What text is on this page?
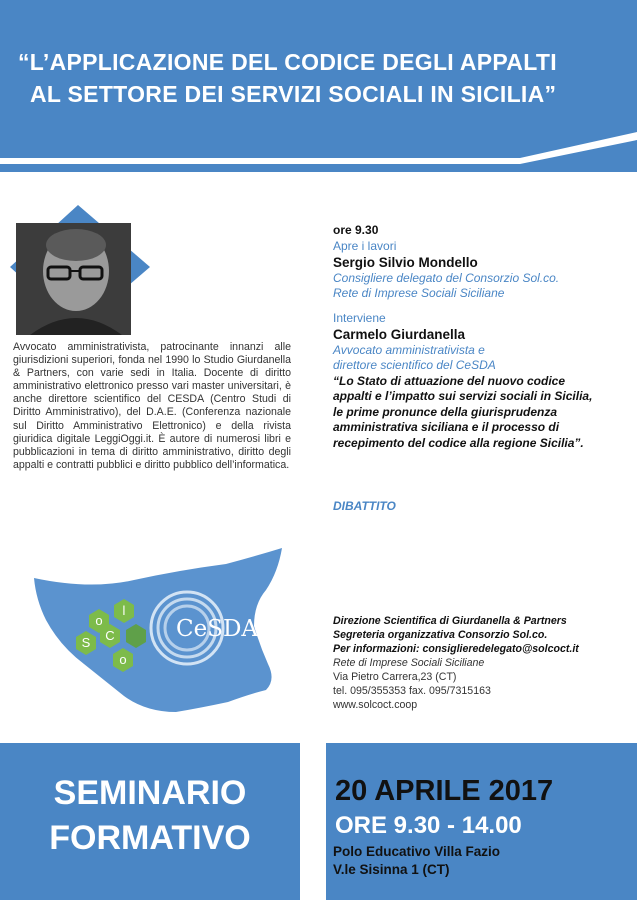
“L’APPLICAZIONE DEL CODICE DEGLI APPALTI
AL SETTORE DEI SERVIZI SOCIALI IN SICILIA”

Avvocato amministrativista, patrocinante innanzi alle giurisdizioni superiori, fonda nel 1990 lo Studio Giurdanella & Partners, con varie sedi in Italia. Docente di diritto amministrativo elettronico presso vari master universitari, è anche direttore scientifico del CESDA (Centro Studi di Diritto Amministrativo), del D.A.E. (Conferenza nazionale sul Diritto Amministrativo Elettronico) e della rivista giuridica digitale LeggiOggi.it. È autore di numerosi libri e pubblicazioni in tema di diritto amministrativo, diritto degli appalti e contratti pubblici e diritto pubblico dell’informatica.

ore 9.30
Apre i lavori
Sergio Silvio Mondello
Consigliere delegato del Consorzio Sol.co.
Rete di Imprese Sociali Siciliane
Interviene
Carmelo Giurdanella
Avvocato amministrativista e
direttore scientifico del CeSDA
“Lo Stato di attuazione del nuovo codice
appalti e l’impatto sui servizi sociali in Sicilia,
le prime pronunce della giurisprudenza
amministrativa siciliana e il processo di
recepimento del codice alla regione Sicilia”.
DIBATTITO
CeSDA
S
o
l
C
o
Direzione Scientifica di Giurdanella & Partners
Segreteria organizzativa Consorzio Sol.co.
Per informazioni: consiglieredelegato@solcoct.it
Rete di Imprese Sociali Siciliane
Via Pietro Carrera,23 (CT)
tel. 095/355353 fax. 095/7315163
www.solcoct.coop
SEMINARIO
FORMATIVO
20 APRILE 2017
ORE 9.30 - 14.00
Polo Educativo Villa Fazio
V.le Sisinna 1 (CT)
